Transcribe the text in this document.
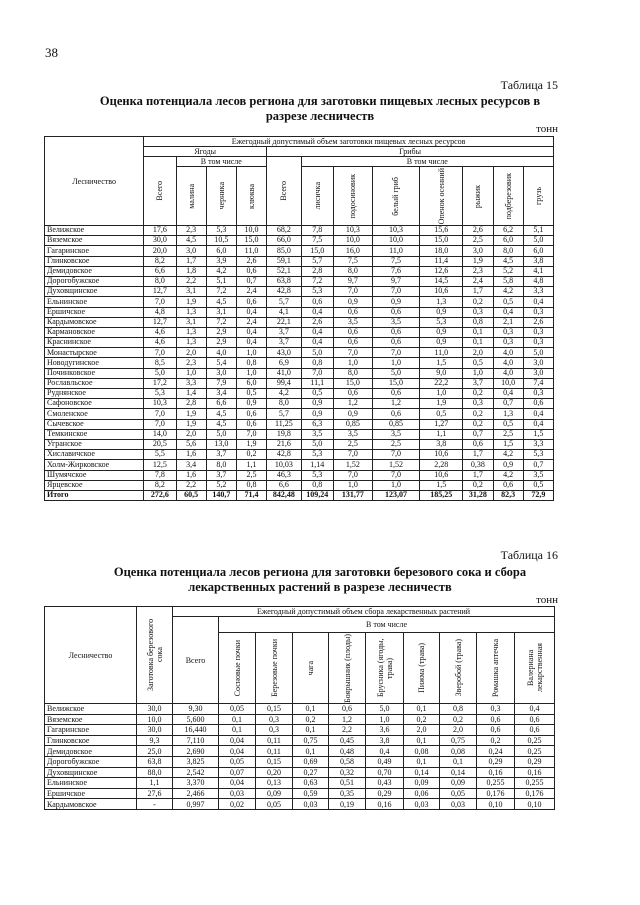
38
Таблица 15
Оценка потенциала лесов региона для заготовки пищевых лесных ресурсов в
разрезе лесничеств
тонн
Лесничество	Ежегодный допустимый объем заготовки пищевых лесных ресурсов											
	Ягоды				Грибы							

	Всего	В том числе			Всего	В том числе						

		малина	черника	клюква		лисичка	подосиновик	белый гриб	Опенок осенний	рыжик	подберезовик	грузь

Велижское	17,6	2,3	5,3	10,0	68,2	7,8	10,3	10,3	15,6	2,6	6,2	5,1
Вяземское	30,0	4,5	10,5	15,0	66,0	7,5	10,0	10,0	15,0	2,5	6,0	5,0
Гагаринское	20,0	3,0	6,0	11,0	85,0	15,0	16,0	11,0	18,0	3,0	8,0	6,0
Глинковское	8,2	1,7	3,9	2,6	59,1	5,7	7,5	7,5	11,4	1,9	4,5	3,8
Демидовское	6,6	1,8	4,2	0,6	52,1	2,8	8,0	7,6	12,6	2,3	5,2	4,1
Дорогобужское	8,0	2,2	5,1	0,7	63,8	7,2	9,7	9,7	14,5	2,4	5,8	4,8
Духовщинское	12,7	3,1	7,2	2,4	42,8	5,3	7,0	7,0	10,6	1,7	4,2	3,3
Ельнинское	7,0	1,9	4,5	0,6	5,7	0,6	0,9	0,9	1,3	0,2	0,5	0,4
Ершичское	4,8	1,3	3,1	0,4	4,1	0,4	0,6	0,6	0,9	0,3	0,4	0,3
Кардымовское	12,7	3,1	7,2	2,4	22,1	2,6	3,5	3,5	5,3	0,8	2,1	2,6
Кармановское	4,6	1,3	2,9	0,4	3,7	0,4	0,6	0,6	0,9	0,1	0,3	0,3
Краснинское	4,6	1,3	2,9	0,4	3,7	0,4	0,6	0,6	0,9	0,1	0,3	0,3
Монастырское	7,0	2,0	4,0	1,0	43,0	5,0	7,0	7,0	11,0	2,0	4,0	5,0
Новодугинское	8,5	2,3	5,4	0,8	6,9	0,8	1,0	1,0	1,5	0,5	4,0	3,0
Починковское	5,0	1,0	3,0	1,0	41,0	7,0	8,0	5,0	9,0	1,0	4,0	3,0
Рославльское	17,2	3,3	7,9	6,0	99,4	11,1	15,0	15,0	22,2	3,7	10,0	7,4
Руднянское	5,3	1,4	3,4	0,5	4,2	0,5	0,6	0,6	1,0	0,2	0,4	0,3
Сафоновское	10,3	2,8	6,6	0,9	8,0	0,9	1,2	1,2	1,9	0,3	0,7	0,6
Смоленское	7,0	1,9	4,5	0,6	5,7	0,9	0,9	0,6	0,5	0,2	1,3	0,4
Сычевское	7,0	1,9	4,5	0,6	11,25	6,3	0,85	0,85	1,27	0,2	0,5	0,4
Темкинское	14,0	2,0	5,0	7,0	19,8	3,5	3,5	3,5	1,1	0,7	2,5	1,5
Угранское	20,5	5,6	13,0	1,9	21,6	5,0	2,5	2,5	3,8	0,6	1,5	3,3
Хиславичское	5,5	1,6	3,7	0,2	42,8	5,3	7,0	7,0	10,6	1,7	4,2	5,3
Холм-Жирковское	12,5	3,4	8,0	1,1	10,03	1,14	1,52	1,52	2,28	0,38	0,9	0,7
Шумячское	7,8	1,6	3,7	2,5	46,3	5,3	7,0	7,0	10,6	1,7	4,2	3,5
Ярцевское	8,2	2,2	5,2	0,8	6,6	0,8	1,0	1,0	1,5	0,2	0,6	0,5
Итого	272,6	60,5	140,7	71,4	842,48	109,24	131,77	123,07	185,25	31,28	82,3	72,9
Таблица 16
Оценка потенциала лесов региона для заготовки березового сока и сбора
лекарственных растений в разрезе лесничеств
тонн
Лесничество	Заготовка березового сока	Ежегодный допустимый объем сбора лекарственных растений									
		Всего	В том числе								

			Сосновые почки	Березовые почки	чага	Боярышник (плоды)	Брусника (ягоды, трава)	Пижма (трава)	Зверобой (трава)	Ромашка аптечка	Валериана лекарственная

Велижское	30,0	9,30	0,05	0,15	0,1	0,6	5,0	0,1	0,8	0,3	0,4
Вяземское	10,0	5,600	0,1	0,3	0,2	1,2	1,0	0,2	0,2	0,6	0,6
Гагаринское	30,0	16,440	0,1	0,3	0,1	2,2	3,6	2,0	2,0	0,6	0,6
Глинковское	9,3	7,110	0,04	0,11	0,75	0,45	3,8	0,1	0,75	0,2	0,25
Демидовское	25,0	2,690	0,04	0,11	0,1	0,48	0,4	0,08	0,08	0,24	0,25
Дорогобужское	63,8	3,825	0,05	0,15	0,69	0,58	0,49	0,1	0,1	0,29	0,29
Духовщинское	88,0	2,542	0,07	0,20	0,27	0,32	0,70	0,14	0,14	0,16	0,16
Ельнинское	1,1	3,370	0,04	0,13	0,63	0,51	0,43	0,09	0,09	0,255	0,255
Ершичское	27,6	2,466	0,03	0,09	0,59	0,35	0,29	0,06	0,05	0,176	0,176
Кардымовское	-	0,997	0,02	0,05	0,03	0,19	0,16	0,03	0,03	0,10	0,10
